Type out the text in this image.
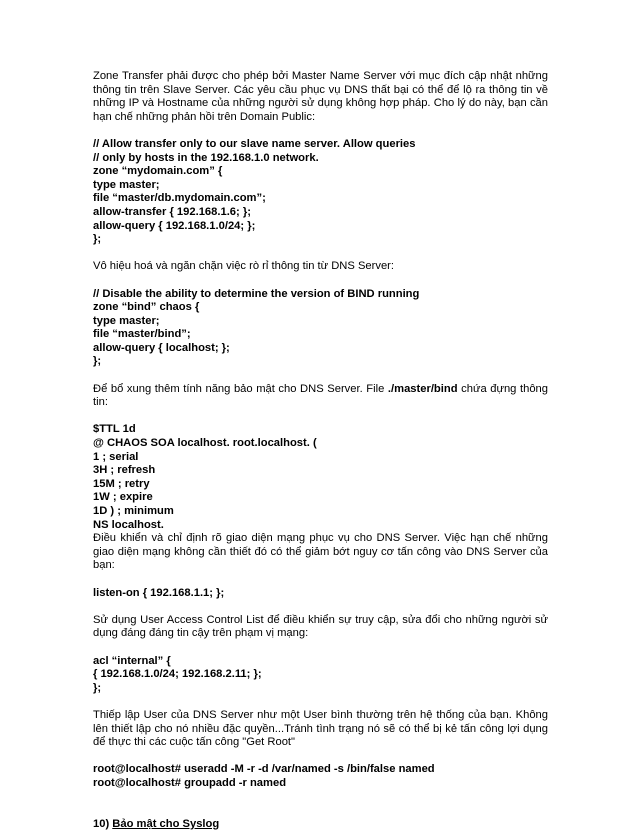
Zone Transfer phải được cho phép bởi Master Name Server với mục đích cập nhật những thông tin trên Slave Server. Các yêu cầu phục vụ DNS thất bại có thể để lộ ra thông tin về những IP và Hostname của những người sử dụng không hợp pháp. Cho lý do này, bạn cần hạn chế những phản hồi trên Domain Public:

// Allow transfer only to our slave name server. Allow queries
// only by hosts in the 192.168.1.0 network.
zone “mydomain.com” {
type master;
file “master/db.mydomain.com”;
allow-transfer { 192.168.1.6; };
allow-query { 192.168.1.0/24; };
};

Vô hiệu hoá và ngăn chặn việc rò rỉ thông tin từ DNS Server:

// Disable the ability to determine the version of BIND running
zone “bind” chaos {
type master;
file “master/bind”;
allow-query { localhost; };
};

Để bổ xung thêm tính năng bảo mật cho DNS Server. File ./master/bind chứa đựng thông tin:

$TTL 1d
@ CHAOS SOA localhost. root.localhost. (
1 ; serial
3H ; refresh
15M ; retry
1W ; expire
1D ) ; minimum
NS localhost.

Điều khiển và chỉ định rõ giao diện mạng phục vụ cho DNS Server. Việc hạn chế những giao diện mạng không cần thiết đó có thể giảm bớt nguy cơ tấn công vào DNS Server của bạn:

listen-on { 192.168.1.1; };

Sử dụng User Access Control List để điều khiển sự truy cập, sửa đổi cho những người sử dụng đáng đáng tin cậy trên phạm vị mạng:

acl “internal” {
{ 192.168.1.0/24; 192.168.2.11; };
};

Thiếp lập User của DNS Server như một User bình thường trên hệ thống của bạn. Không lên thiết lập cho nó nhiều đặc quyền...Tránh tình trạng nó sẽ có thể bị kẻ tấn công lợi dụng để thực thi các cuộc tấn công "Get Root"

root@localhost# useradd -M -r -d /var/named -s /bin/false named
root@localhost# groupadd -r named
10) Bảo mật cho Syslog
